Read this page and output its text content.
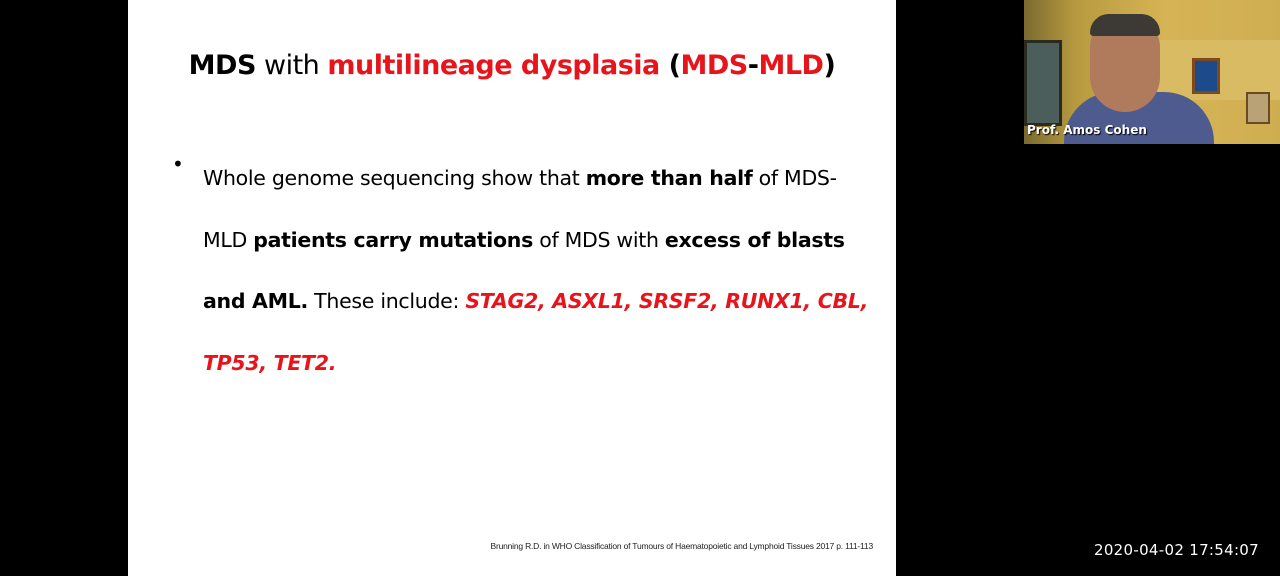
MDS with multilineage dysplasia (MDS-MLD)
•
Whole genome sequencing show that more than half of MDS-MLD patients carry mutations of MDS with excess of blasts and AML. These include: STAG2, ASXL1, SRSF2, RUNX1, CBL, TP53, TET2.
Brunning R.D. in WHO Classification of Tumours of Haematopoietic and Lymphoid Tissues 2017 p. 111-113
Prof. Amos Cohen
2020-04-02 17:54:07
